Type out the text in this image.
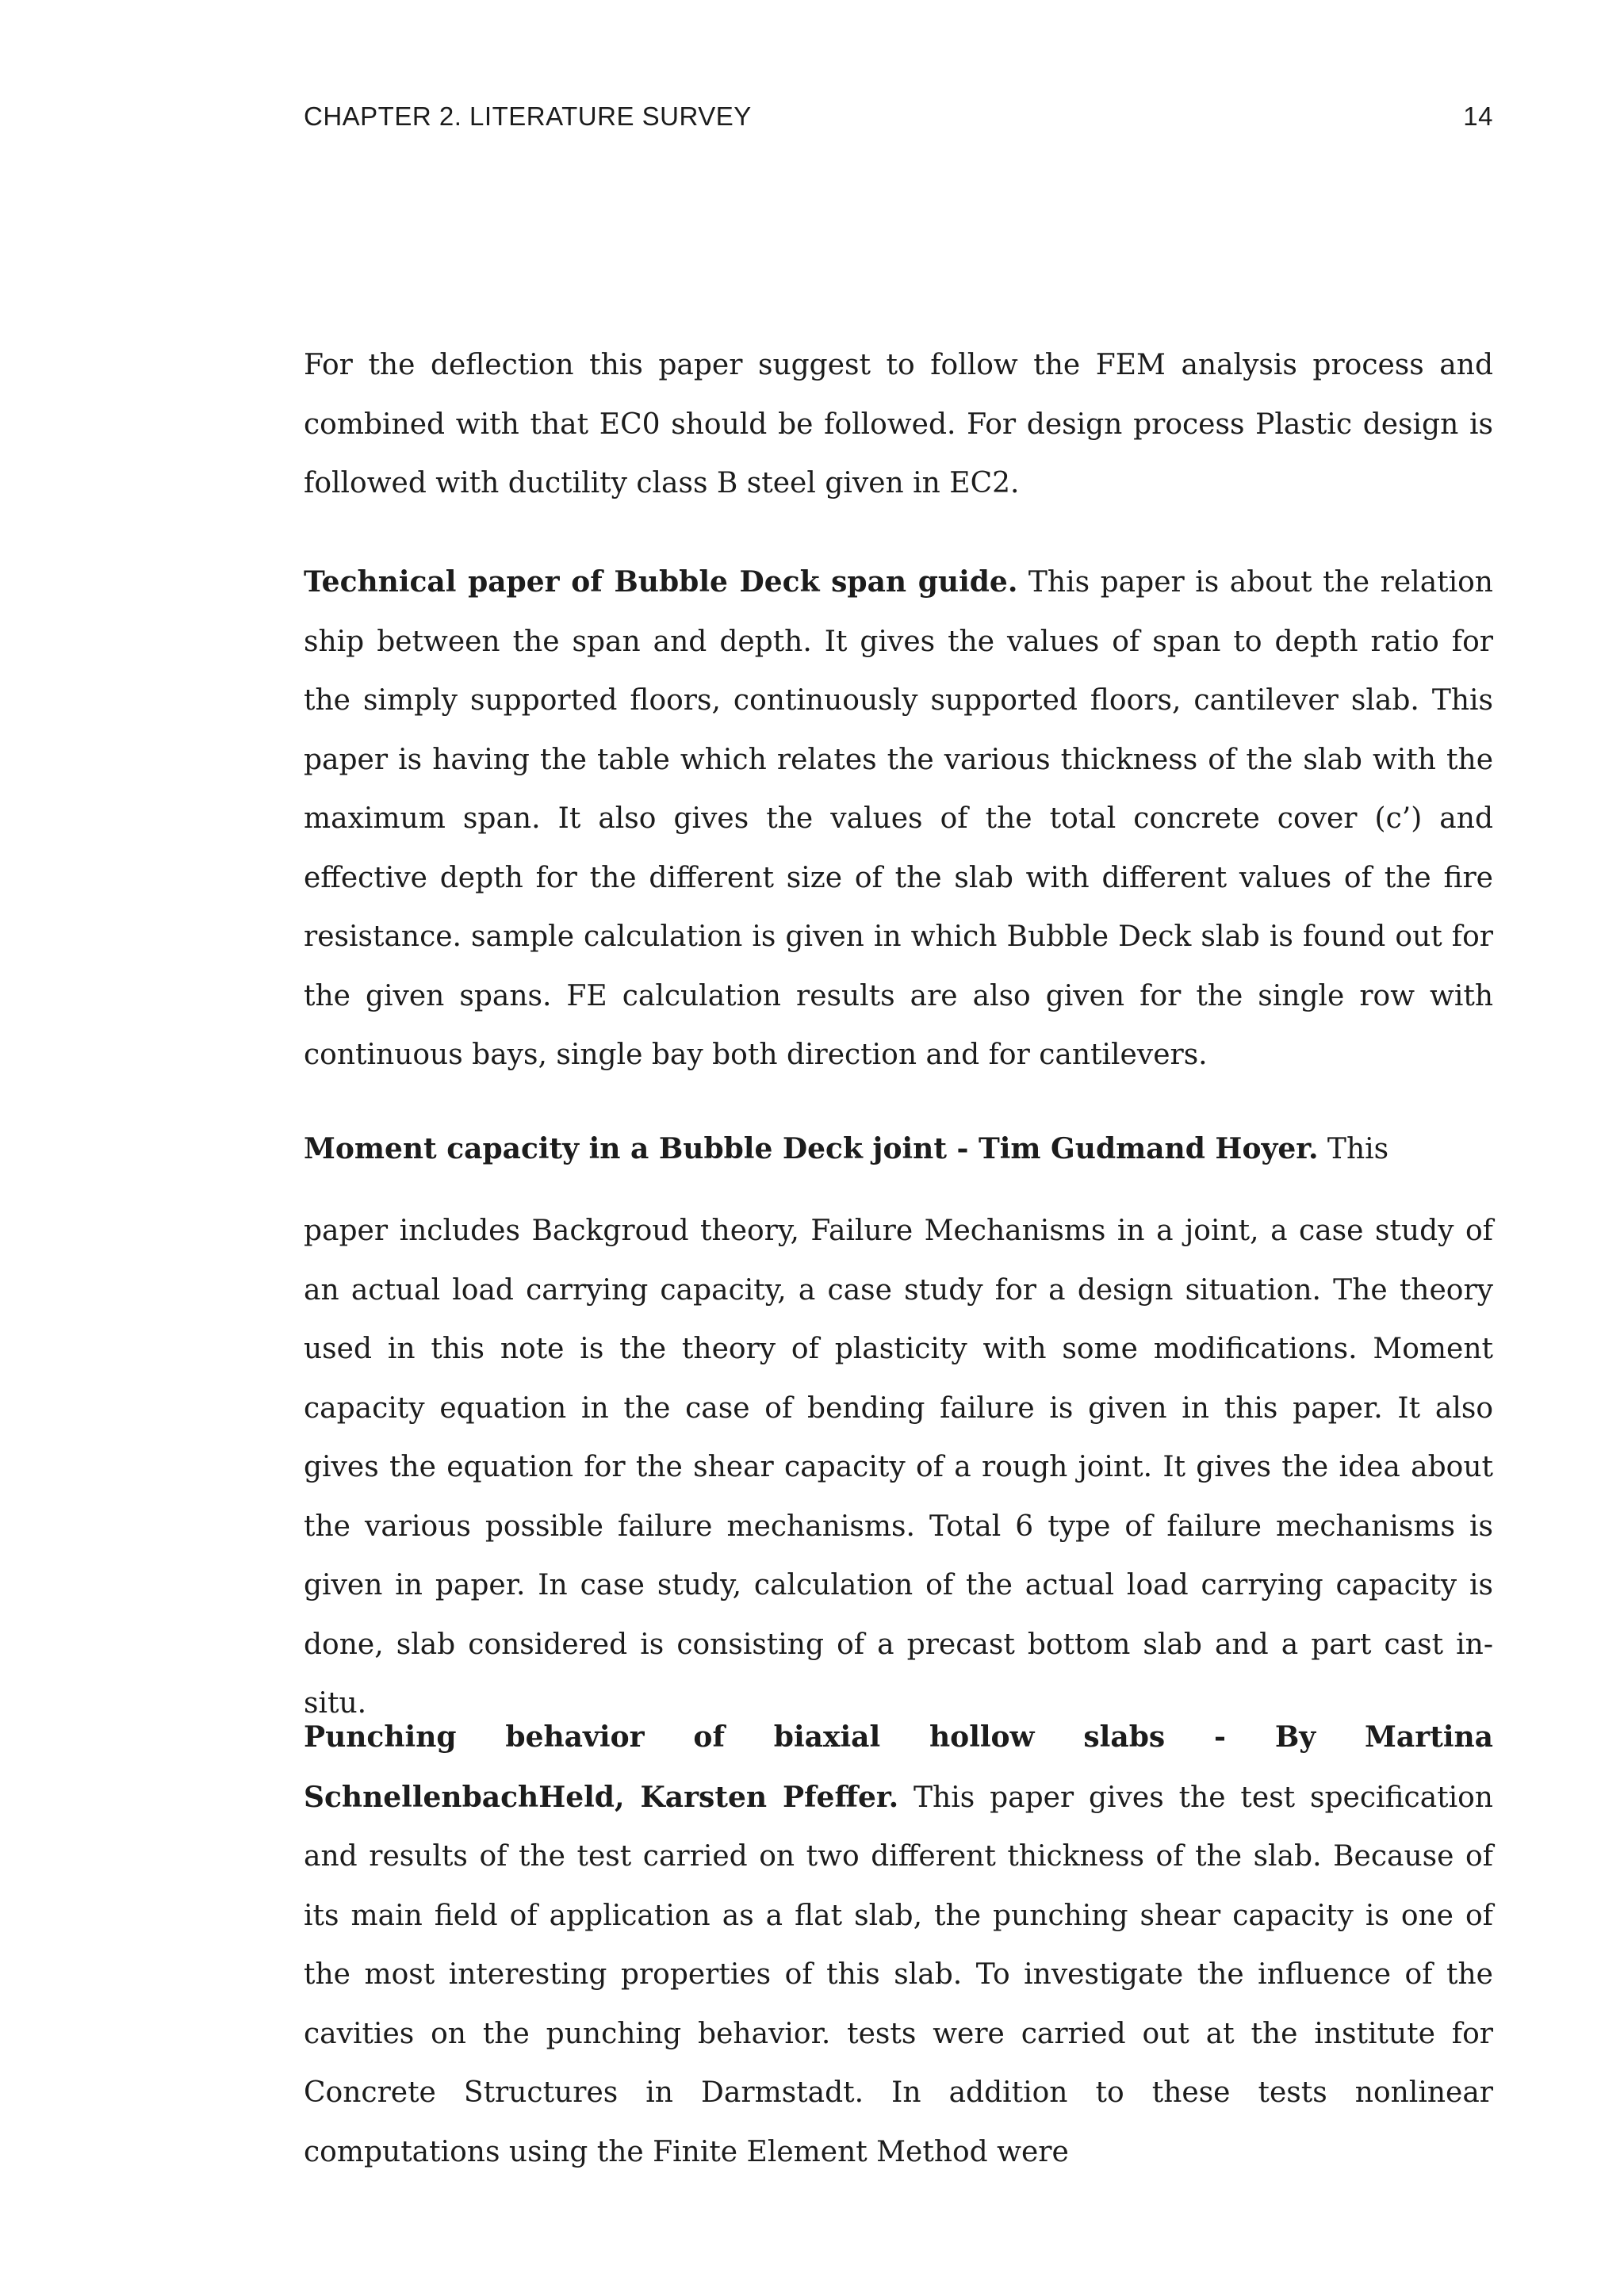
CHAPTER 2. LITERATURE SURVEY	14

For the deflection this paper suggest to follow the FEM analysis process and combined with that EC0 should be followed. For design process Plastic design is followed with ductility class B steel given in EC2.

Technical paper of Bubble Deck span guide. This paper is about the relation ship between the span and depth. It gives the values of span to depth ratio for the simply supported floors, continuously supported floors, cantilever slab. This paper is having the table which relates the various thickness of the slab with the maximum span. It also gives the values of the total concrete cover (c’) and effective depth for the different size of the slab with different values of the fire resistance. sample calculation is given in which Bubble Deck slab is found out for the given spans. FE calculation results are also given for the single row with continuous bays, single bay both direction and for cantilevers.

Moment capacity in a Bubble Deck joint - Tim Gudmand Hoyer. This

paper includes Backgroud theory, Failure Mechanisms in a joint, a case study of an actual load carrying capacity, a case study for a design situation. The theory used in this note is the theory of plasticity with some modifications. Moment capacity equation in the case of bending failure is given in this paper. It also gives the equation for the shear capacity of a rough joint. It gives the idea about the various possible failure mechanisms. Total 6 type of failure mechanisms is given in paper. In case study, calculation of the actual load carrying capacity is done, slab considered is consisting of a precast bottom slab and a part cast in-situ.

Punching behavior of biaxial hollow slabs - By Martina SchnellenbachHeld, Karsten Pfeffer. This paper gives the test specification and results of the test carried on two different thickness of the slab. Because of its main field of application as a flat slab, the punching shear capacity is one of the most interesting properties of this slab. To investigate the influence of the cavities on the punching behavior. tests were carried out at the institute for Concrete Structures in Darmstadt. In addition to these tests nonlinear computations using the Finite Element Method were
